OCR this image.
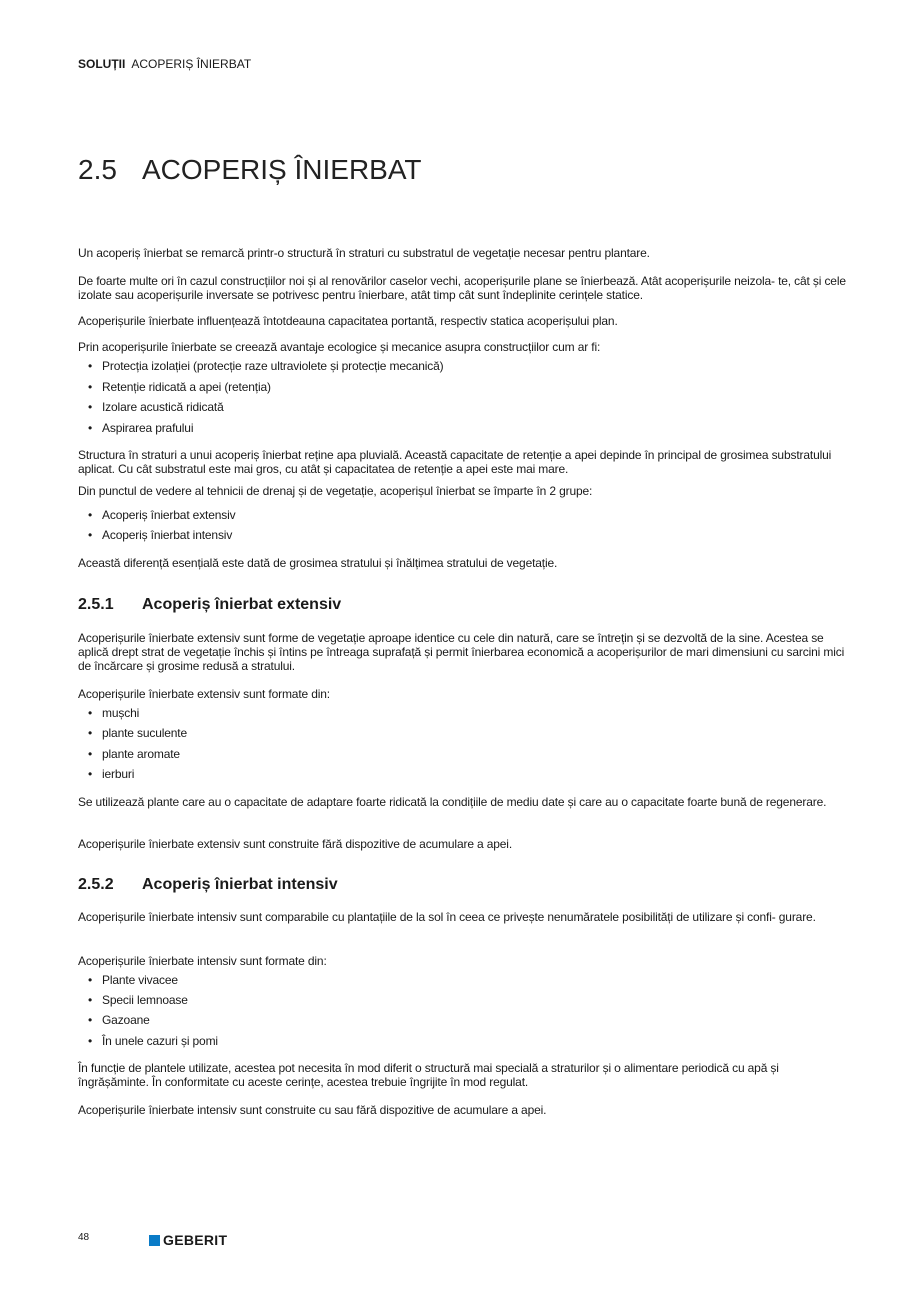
SOLUȚII ACOPERIȘ ÎNIERBAT
2.5 ACOPERIȘ ÎNIERBAT
Un acoperiș înierbat se remarcă printr-o structură în straturi cu substratul de vegetație necesar pentru plantare.
De foarte multe ori în cazul construcțiilor noi și al renovărilor caselor vechi, acoperișurile plane se înierbează. Atât acoperișurile neizola- te, cât și cele izolate sau acoperișurile inversate se potrivesc pentru înierbare, atât timp cât sunt îndeplinite cerințele statice.
Acoperișurile înierbate influențează întotdeauna capacitatea portantă, respectiv statica acoperișului plan.
Prin acoperișurile înierbate se creează avantaje ecologice și mecanice asupra construcțiilor cum ar fi:
• Protecția izolației (protecție raze ultraviolete și protecție mecanică)
• Retenție ridicată a apei (retenția)
• Izolare acustică ridicată
• Aspirarea prafului
Structura în straturi a unui acoperiș înierbat reține apa pluvială. Această capacitate de retenție a apei depinde în principal de grosimea substratului aplicat. Cu cât substratul este mai gros, cu atât și capacitatea de retenție a apei este mai mare.
Din punctul de vedere al tehnicii de drenaj și de vegetație, acoperișul înierbat se împarte în 2 grupe:
• Acoperiș înierbat extensiv
• Acoperiș înierbat intensiv
Această diferență esențială este dată de grosimea stratului și înălțimea stratului de vegetație.
2.5.1 Acoperiș înierbat extensiv
Acoperișurile înierbate extensiv sunt forme de vegetație aproape identice cu cele din natură, care se întrețin și se dezvoltă de la sine. Acestea se aplică drept strat de vegetație închis și întins pe întreaga suprafață și permit înierbarea economică a acoperișurilor de mari dimensiuni cu sarcini mici de încărcare și grosime redusă a stratului.
Acoperișurile înierbate extensiv sunt formate din:
• mușchi
• plante suculente
• plante aromate
• ierburi
Se utilizează plante care au o capacitate de adaptare foarte ridicată la condițiile de mediu date și care au o capacitate foarte bună de regenerare.
Acoperișurile înierbate extensiv sunt construite fără dispozitive de acumulare a apei.
2.5.2 Acoperiș înierbat intensiv
Acoperișurile înierbate intensiv sunt comparabile cu plantațiile de la sol în ceea ce privește nenumăratele posibilități de utilizare și confi- gurare.
Acoperișurile înierbate intensiv sunt formate din:
• Plante vivacee
• Specii lemnoase
• Gazoane
• În unele cazuri și pomi
În funcție de plantele utilizate, acestea pot necesita în mod diferit o structură mai specială a straturilor și o alimentare periodică cu apă și îngrășăminte. În conformitate cu aceste cerințe, acestea trebuie îngrijite în mod regulat.
Acoperișurile înierbate intensiv sunt construite cu sau fără dispozitive de acumulare a apei.
48	GEBERIT
